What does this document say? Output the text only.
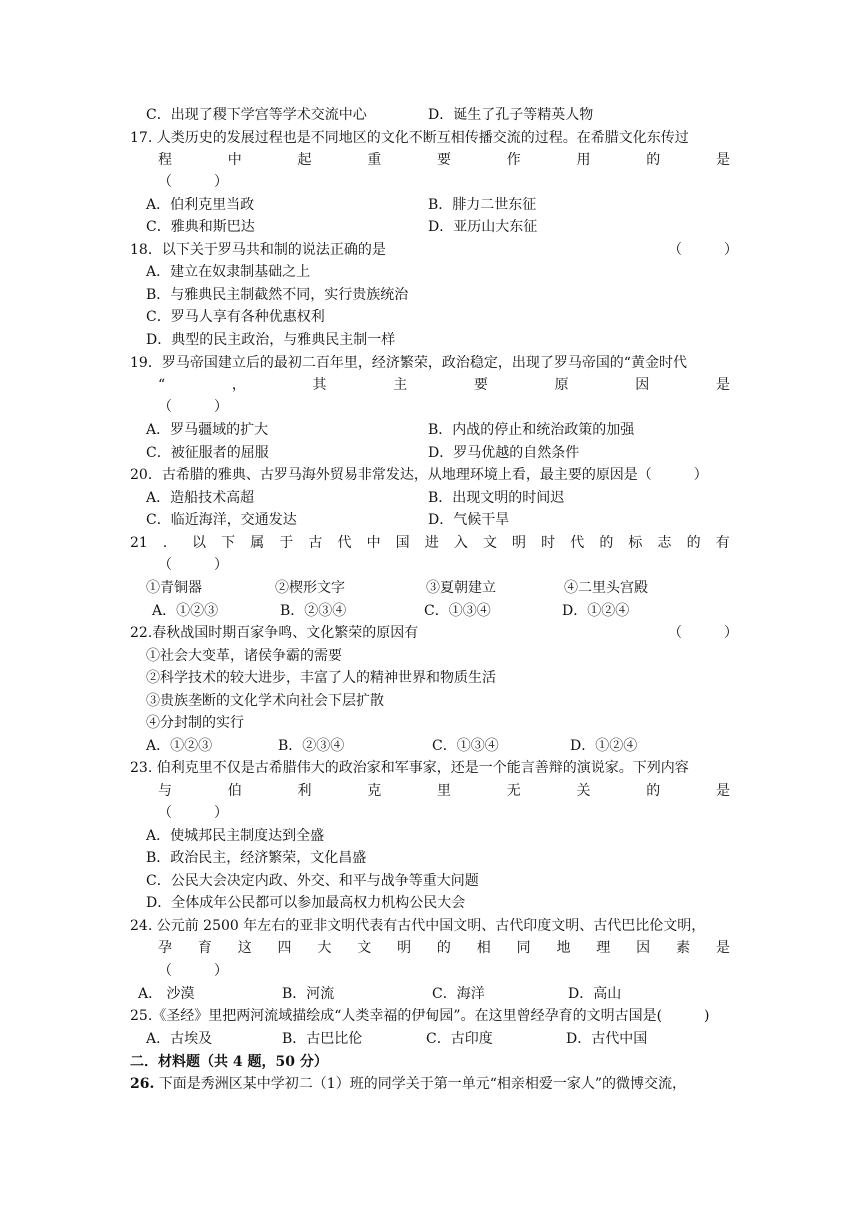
C．出现了稷下学宫等学术交流中心	D．诞生了孔子等精英人物
17. 人类历史的发展过程也是不同地区的文化不断互相传播交流的过程。在希腊文化东传过
程	中	起	重	要	作	用	的	是
（　　　）
A．伯利克里当政	B．腓力二世东征
C．雅典和斯巴达	D．亚历山大东征
18．以下关于罗马共和制的说法正确的是	（　　　）
A．建立在奴隶制基础之上
B．与雅典民主制截然不同，实行贵族统治
C．罗马人享有各种优惠权利
D．典型的民主政治，与雅典民主制一样
19．罗马帝国建立后的最初二百年里，经济繁荣，政治稳定，出现了罗马帝国的“黄金时代
“	，	其	主	要	原	因	是
（　　　）
A．罗马疆域的扩大	B．内战的停止和统治政策的加强
C．被征服者的屈服	D．罗马优越的自然条件
20．古希腊的雅典、古罗马海外贸易非常发达，从地理环境上看，最主要的原因是（　　　）
A．造船技术高超	B．出现文明的时间迟
C．临近海洋，交通发达	D．气候干旱
21 ． 以 下 属 于 古 代 中 国 进 入 文 明 时 代 的 标 志 的 有
（　　　）
①青铜器	②楔形文字	③夏朝建立	④二里头宫殿
A．①②③	B．②③④	C．①③④	D．①②④
22.春秋战国时期百家争鸣、文化繁荣的原因有	（　　　）
①社会大变革，诸侯争霸的需要
②科学技术的较大进步，丰富了人的精神世界和物质生活
③贵族垄断的文化学术向社会下层扩散
④分封制的实行
A．①②③	B．②③④	C．①③④	D．①②④
23. 伯利克里不仅是古希腊伟大的政治家和军事家，还是一个能言善辩的演说家。下列内容
与	伯	利	克	里	无	关	的	是
（　　　）
A．使城邦民主制度达到全盛
B．政治民主，经济繁荣，文化昌盛
C．公民大会决定内政、外交、和平与战争等重大问题
D．全体成年公民都可以参加最高权力机构公民大会
24. 公元前 2500 年左右的亚非文明代表有古代中国文明、古代印度文明、古代巴比伦文明，
孕 育 这 四 大 文 明 的 相 同 地 理 因 素 是
（　　　）
A． 沙漠	B．河流	C．海洋	D．高山
25.《圣经》里把两河流域描绘成“人类幸福的伊甸园”。在这里曾经孕育的文明古国是(　　　)
A．古埃及	B．古巴比伦	C．古印度	D．古代中国
二．材料题（共 4 题，50 分）
26. 下面是秀洲区某中学初二（1）班的同学关于第一单元“相亲相爱一家人”的微博交流，
